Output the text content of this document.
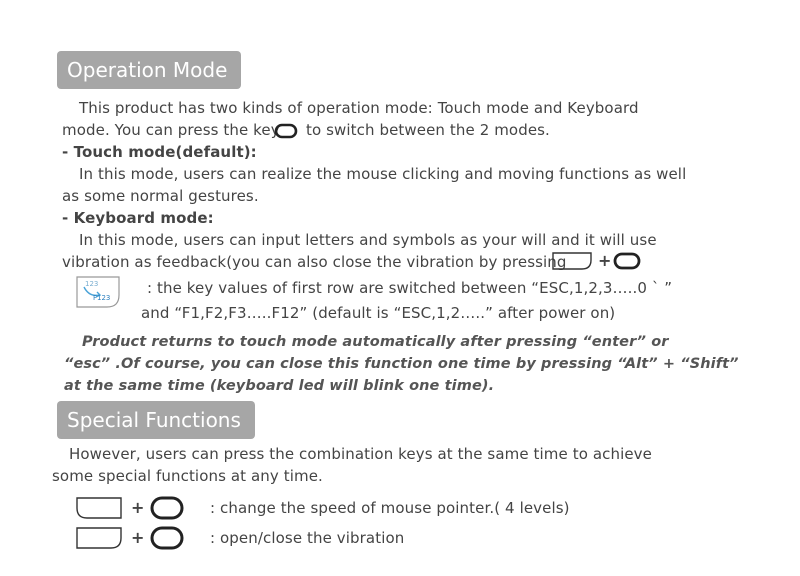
Operation Mode
This product has two kinds of operation mode: Touch mode and Keyboard
mode. You can press the key to switch between the 2 modes.
- Touch mode(default):
In this mode, users can realize the mouse clicking and moving functions as well
as some normal gestures.
- Keyboard mode:
In this mode, users can input letters and symbols as your will and it will use
vibration as feedback(you can also close the vibration by pressing +
123
F123
: the key values of first row are switched between “ESC,1,2,3…..0 ` ”
and “F1,F2,F3…..F12” (default is “ESC,1,2…..” after power on)
Product returns to touch mode automatically after pressing “enter” or
“esc” .Of course, you can close this function one time by pressing “Alt” + “Shift”
at the same time (keyboard led will blink one time).
Special Functions
However, users can press the combination keys at the same time to achieve
some special functions at any time.
+	: change the speed of mouse pointer.( 4 levels)
+	: open/close the vibration
